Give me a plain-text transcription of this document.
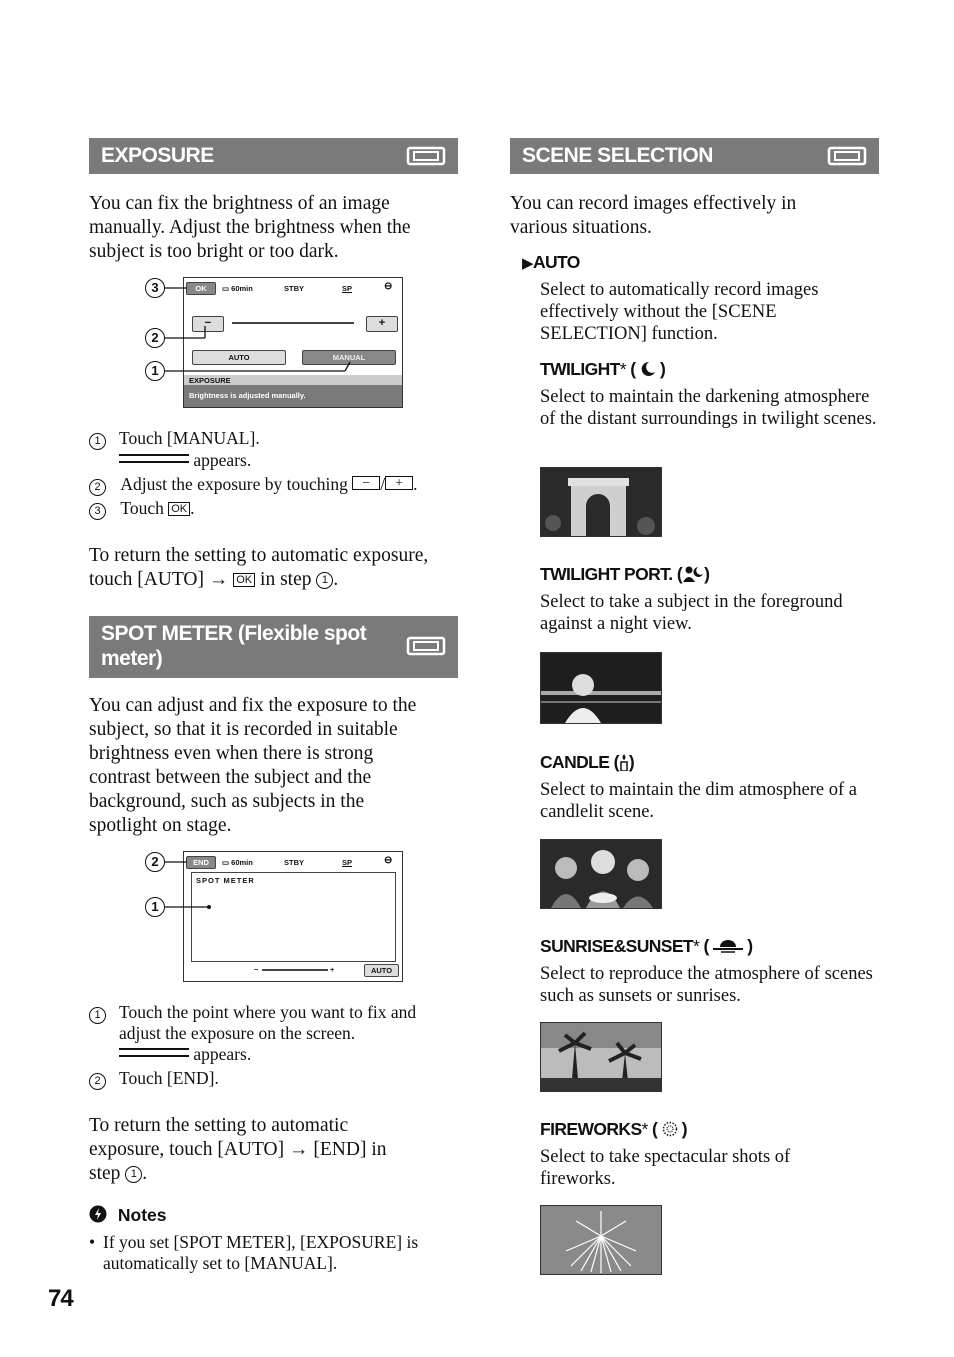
EXPOSURE

You can fix the brightness of an image manually. Adjust the brightness when the subject is too bright or too dark.

3
2
1
OK	▭ 60min	STBY	SP	⊖
−	+
AUTO	MANUAL
EXPOSURE
Brightness is adjusted manually.
1 Touch [MANUAL].
appears.
2 Adjust the exposure by touching	− / + .
3 Touch OK .

To return the setting to automatic exposure, touch [AUTO] → OK in step 1 .

SPOT METER (Flexible spot
meter)

You can adjust and fix the exposure to the subject, so that it is recorded in suitable brightness even when there is strong contrast between the subject and the background, such as subjects in the spotlight on stage.

2
1
END	▭ 60min	STBY	SP	⊖
SPOT METER
−	+	AUTO
1 Touch the point where you want to fix and
adjust the exposure on the screen.
appears.
2 Touch [END].

To return the setting to automatic
exposure, touch [AUTO] → [END] in
step 1 .

Notes
• If you set [SPOT METER], [EXPOSURE] is automatically set to [MANUAL].
74
SCENE SELECTION

You can record images effectively in various situations.

▶AUTO

Select to automatically record images effectively without the [SCENE SELECTION] function.

TWILIGHT* (  )

Select to maintain the darkening atmosphere of the distant surroundings in twilight scenes.

TWILIGHT PORT. ( )

Select to take a subject in the foreground against a night view.

CANDLE ( )

Select to maintain the dim atmosphere of a candlelit scene.

SUNRISE&SUNSET* (  )

Select to reproduce the atmosphere of scenes such as sunsets or sunrises.

FIREWORKS* (  )

Select to take spectacular shots of fireworks.
